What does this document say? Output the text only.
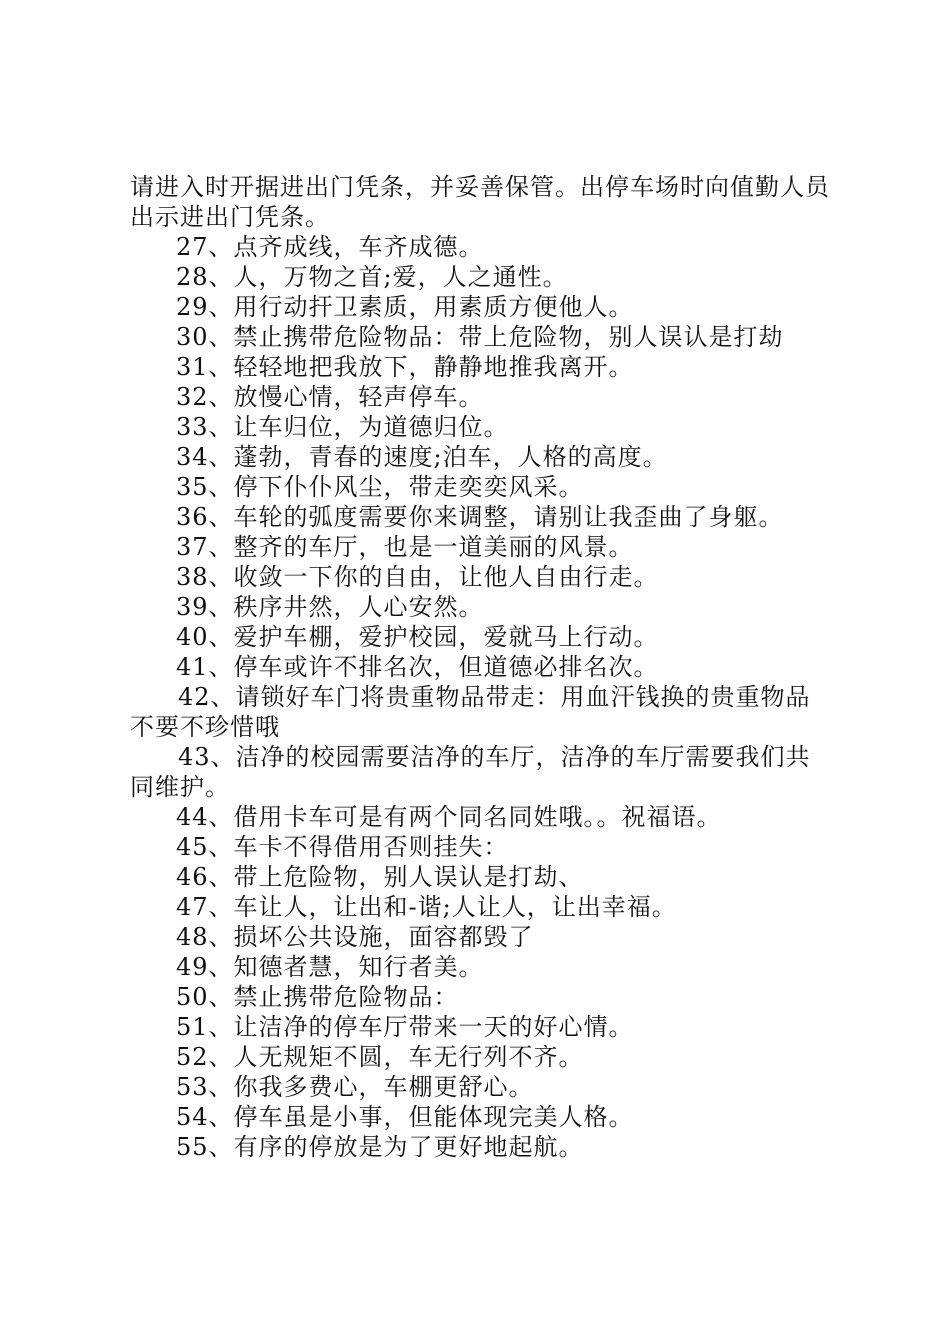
请进入时开据进出门凭条，并妥善保管。出停车场时向值勤人员出示进出门凭条。

27、点齐成线，车齐成德。

28、人，万物之首;爱，人之通性。

29、用行动扞卫素质，用素质方便他人。

30、禁止携带危险物品：带上危险物，别人误认是打劫

31、轻轻地把我放下，静静地推我离开。

32、放慢心情，轻声停车。

33、让车归位，为道德归位。

34、蓬勃，青春的速度;泊车，人格的高度。

35、停下仆仆风尘，带走奕奕风采。

36、车轮的弧度需要你来调整，请别让我歪曲了身躯。

37、整齐的车厅，也是一道美丽的风景。

38、收敛一下你的自由，让他人自由行走。

39、秩序井然，人心安然。

40、爱护车棚，爱护校园，爱就马上行动。

41、停车或许不排名次，但道德必排名次。

42、请锁好车门将贵重物品带走：用血汗钱换的贵重物品不要不珍惜哦

43、洁净的校园需要洁净的车厅，洁净的车厅需要我们共同维护。

44、借用卡车可是有两个同名同姓哦。。祝福语。

45、车卡不得借用否则挂失：

46、带上危险物，别人误认是打劫、

47、车让人，让出和-谐;人让人，让出幸福。

48、损坏公共设施，面容都毁了

49、知德者慧，知行者美。

50、禁止携带危险物品：

51、让洁净的停车厅带来一天的好心情。

52、人无规矩不圆，车无行列不齐。

53、你我多费心，车棚更舒心。

54、停车虽是小事，但能体现完美人格。

55、有序的停放是为了更好地起航。
